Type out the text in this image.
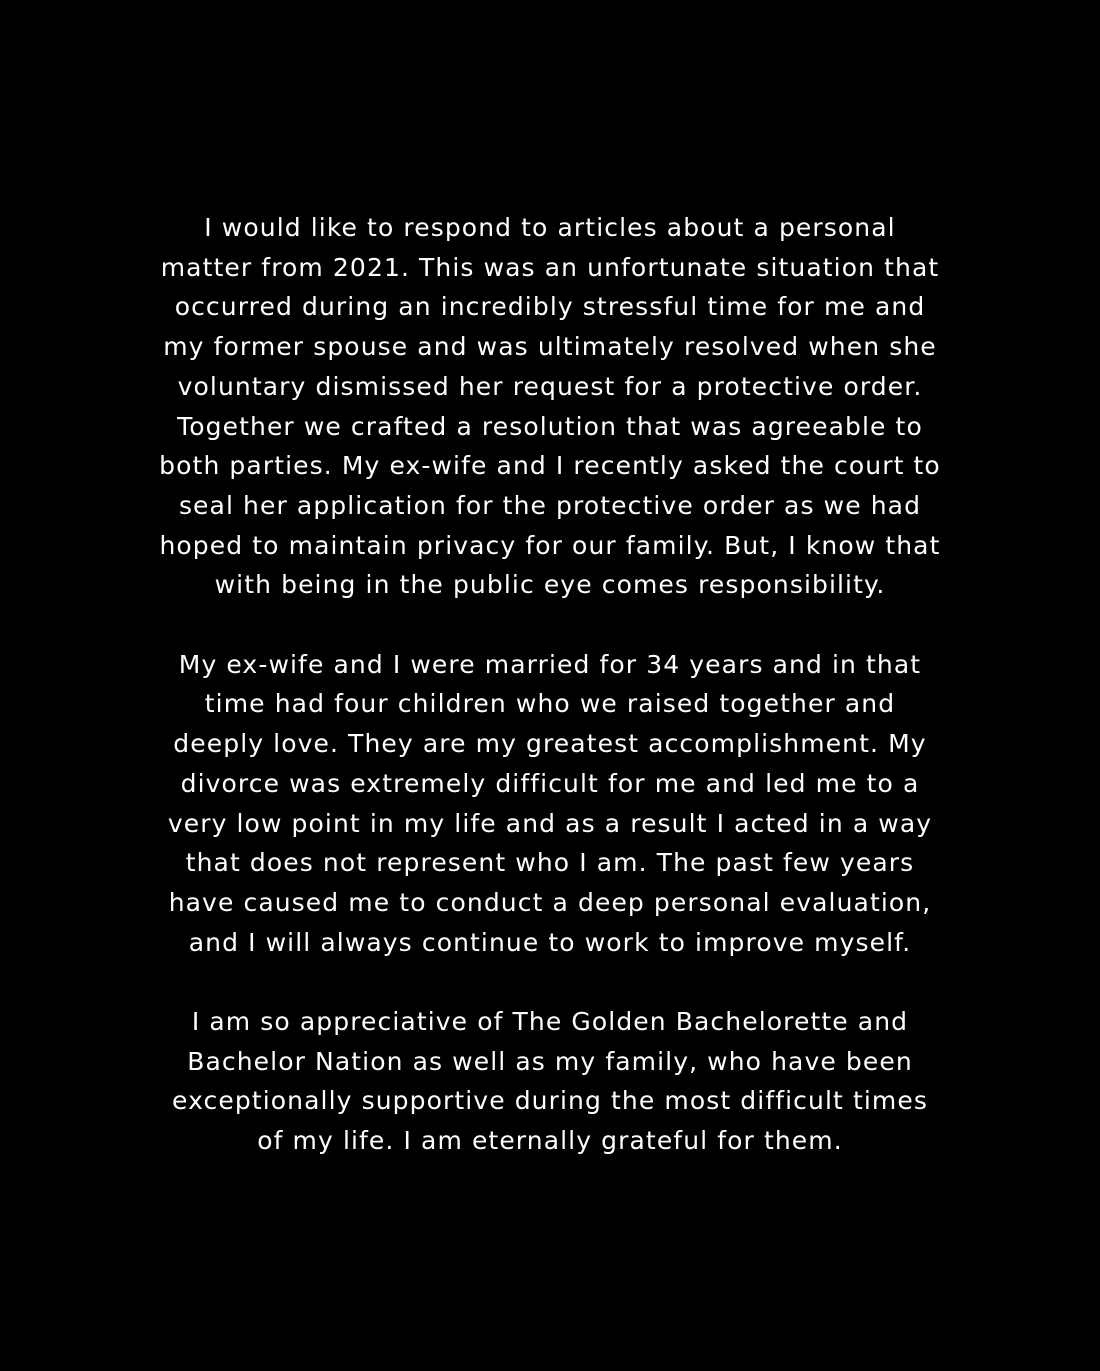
I would like to respond to articles about a personal
matter from 2021. This was an unfortunate situation that
occurred during an incredibly stressful time for me and
my former spouse and was ultimately resolved when she
voluntary dismissed her request for a protective order.
Together we crafted a resolution that was agreeable to
both parties. My ex-wife and I recently asked the court to
seal her application for the protective order as we had
hoped to maintain privacy for our family. But, I know that
with being in the public eye comes responsibility.

My ex-wife and I were married for 34 years and in that
time had four children who we raised together and
deeply love. They are my greatest accomplishment. My
divorce was extremely difficult for me and led me to a
very low point in my life and as a result I acted in a way
that does not represent who I am. The past few years
have caused me to conduct a deep personal evaluation,
and I will always continue to work to improve myself.

I am so appreciative of The Golden Bachelorette and
Bachelor Nation as well as my family, who have been
exceptionally supportive during the most difficult times
of my life. I am eternally grateful for them.
